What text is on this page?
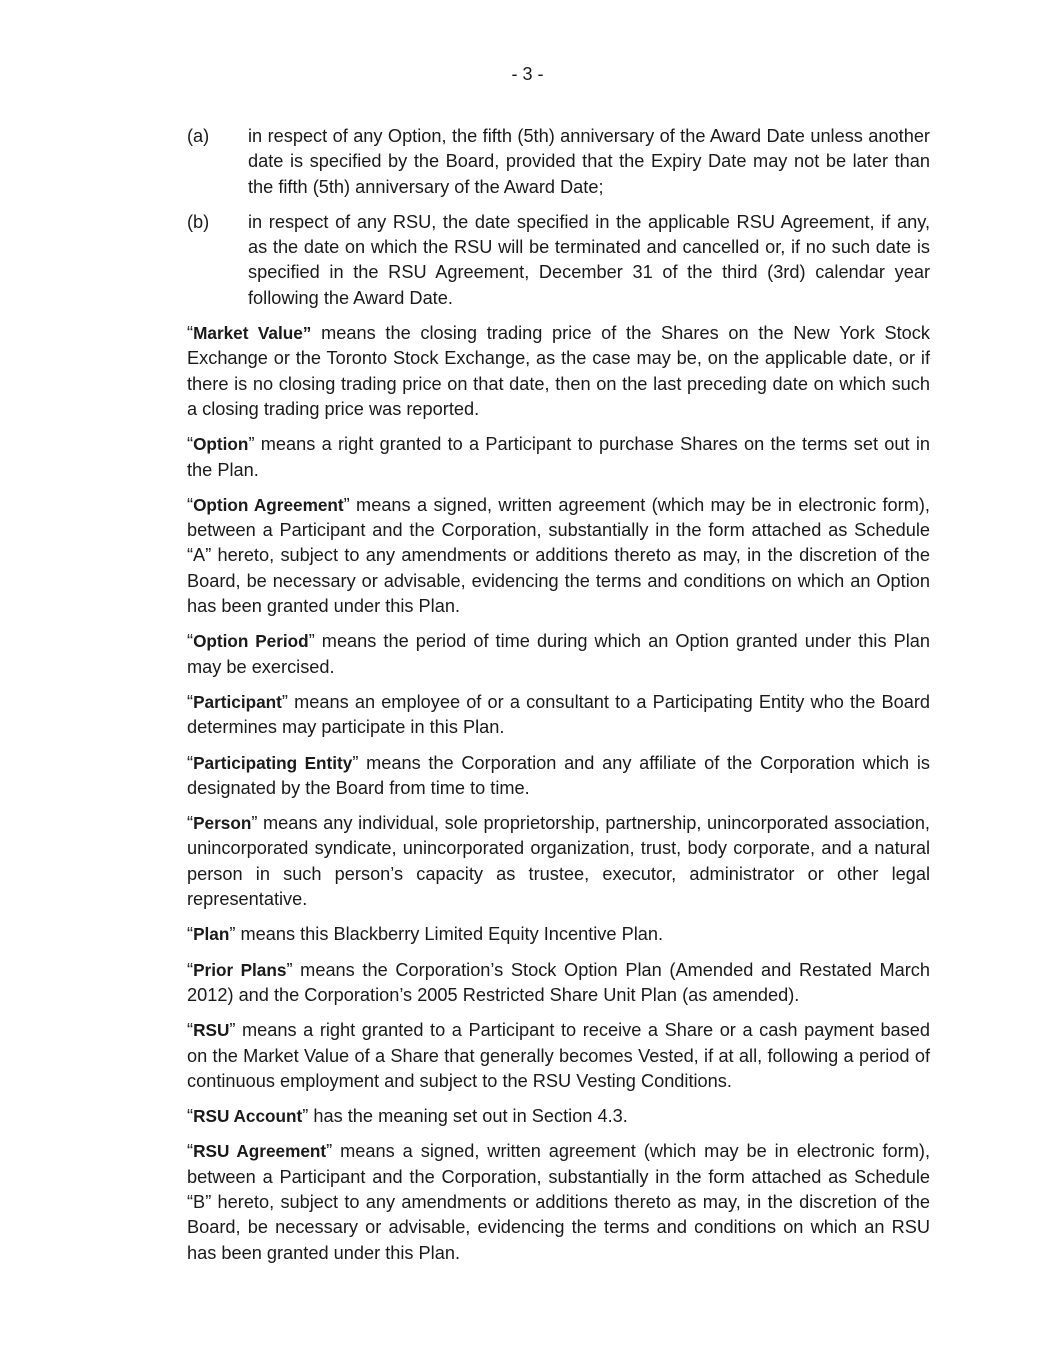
- 3 -
(a)	in respect of any Option, the fifth (5th) anniversary of the Award Date unless another date is specified by the Board, provided that the Expiry Date may not be later than the fifth (5th) anniversary of the Award Date;
(b)	in respect of any RSU, the date specified in the applicable RSU Agreement, if any, as the date on which the RSU will be terminated and cancelled or, if no such date is specified in the RSU Agreement, December 31 of the third (3rd) calendar year following the Award Date.

“Market Value” means the closing trading price of the Shares on the New York Stock Exchange or the Toronto Stock Exchange, as the case may be, on the applicable date, or if there is no closing trading price on that date, then on the last preceding date on which such a closing trading price was reported.

“Option” means a right granted to a Participant to purchase Shares on the terms set out in the Plan.

“Option Agreement” means a signed, written agreement (which may be in electronic form), between a Participant and the Corporation, substantially in the form attached as Schedule “A” hereto, subject to any amendments or additions thereto as may, in the discretion of the Board, be necessary or advisable, evidencing the terms and conditions on which an Option has been granted under this Plan.

“Option Period” means the period of time during which an Option granted under this Plan may be exercised.

“Participant” means an employee of or a consultant to a Participating Entity who the Board determines may participate in this Plan.

“Participating Entity” means the Corporation and any affiliate of the Corporation which is designated by the Board from time to time.

“Person” means any individual, sole proprietorship, partnership, unincorporated association, unincorporated syndicate, unincorporated organization, trust, body corporate, and a natural person in such person’s capacity as trustee, executor, administrator or other legal representative.

“Plan” means this Blackberry Limited Equity Incentive Plan.

“Prior Plans” means the Corporation’s Stock Option Plan (Amended and Restated March 2012) and the Corporation’s 2005 Restricted Share Unit Plan (as amended).

“RSU” means a right granted to a Participant to receive a Share or a cash payment based on the Market Value of a Share that generally becomes Vested, if at all, following a period of continuous employment and subject to the RSU Vesting Conditions.

“RSU Account” has the meaning set out in Section 4.3.

“RSU Agreement” means a signed, written agreement (which may be in electronic form), between a Participant and the Corporation, substantially in the form attached as Schedule “B” hereto, subject to any amendments or additions thereto as may, in the discretion of the Board, be necessary or advisable, evidencing the terms and conditions on which an RSU has been granted under this Plan.
